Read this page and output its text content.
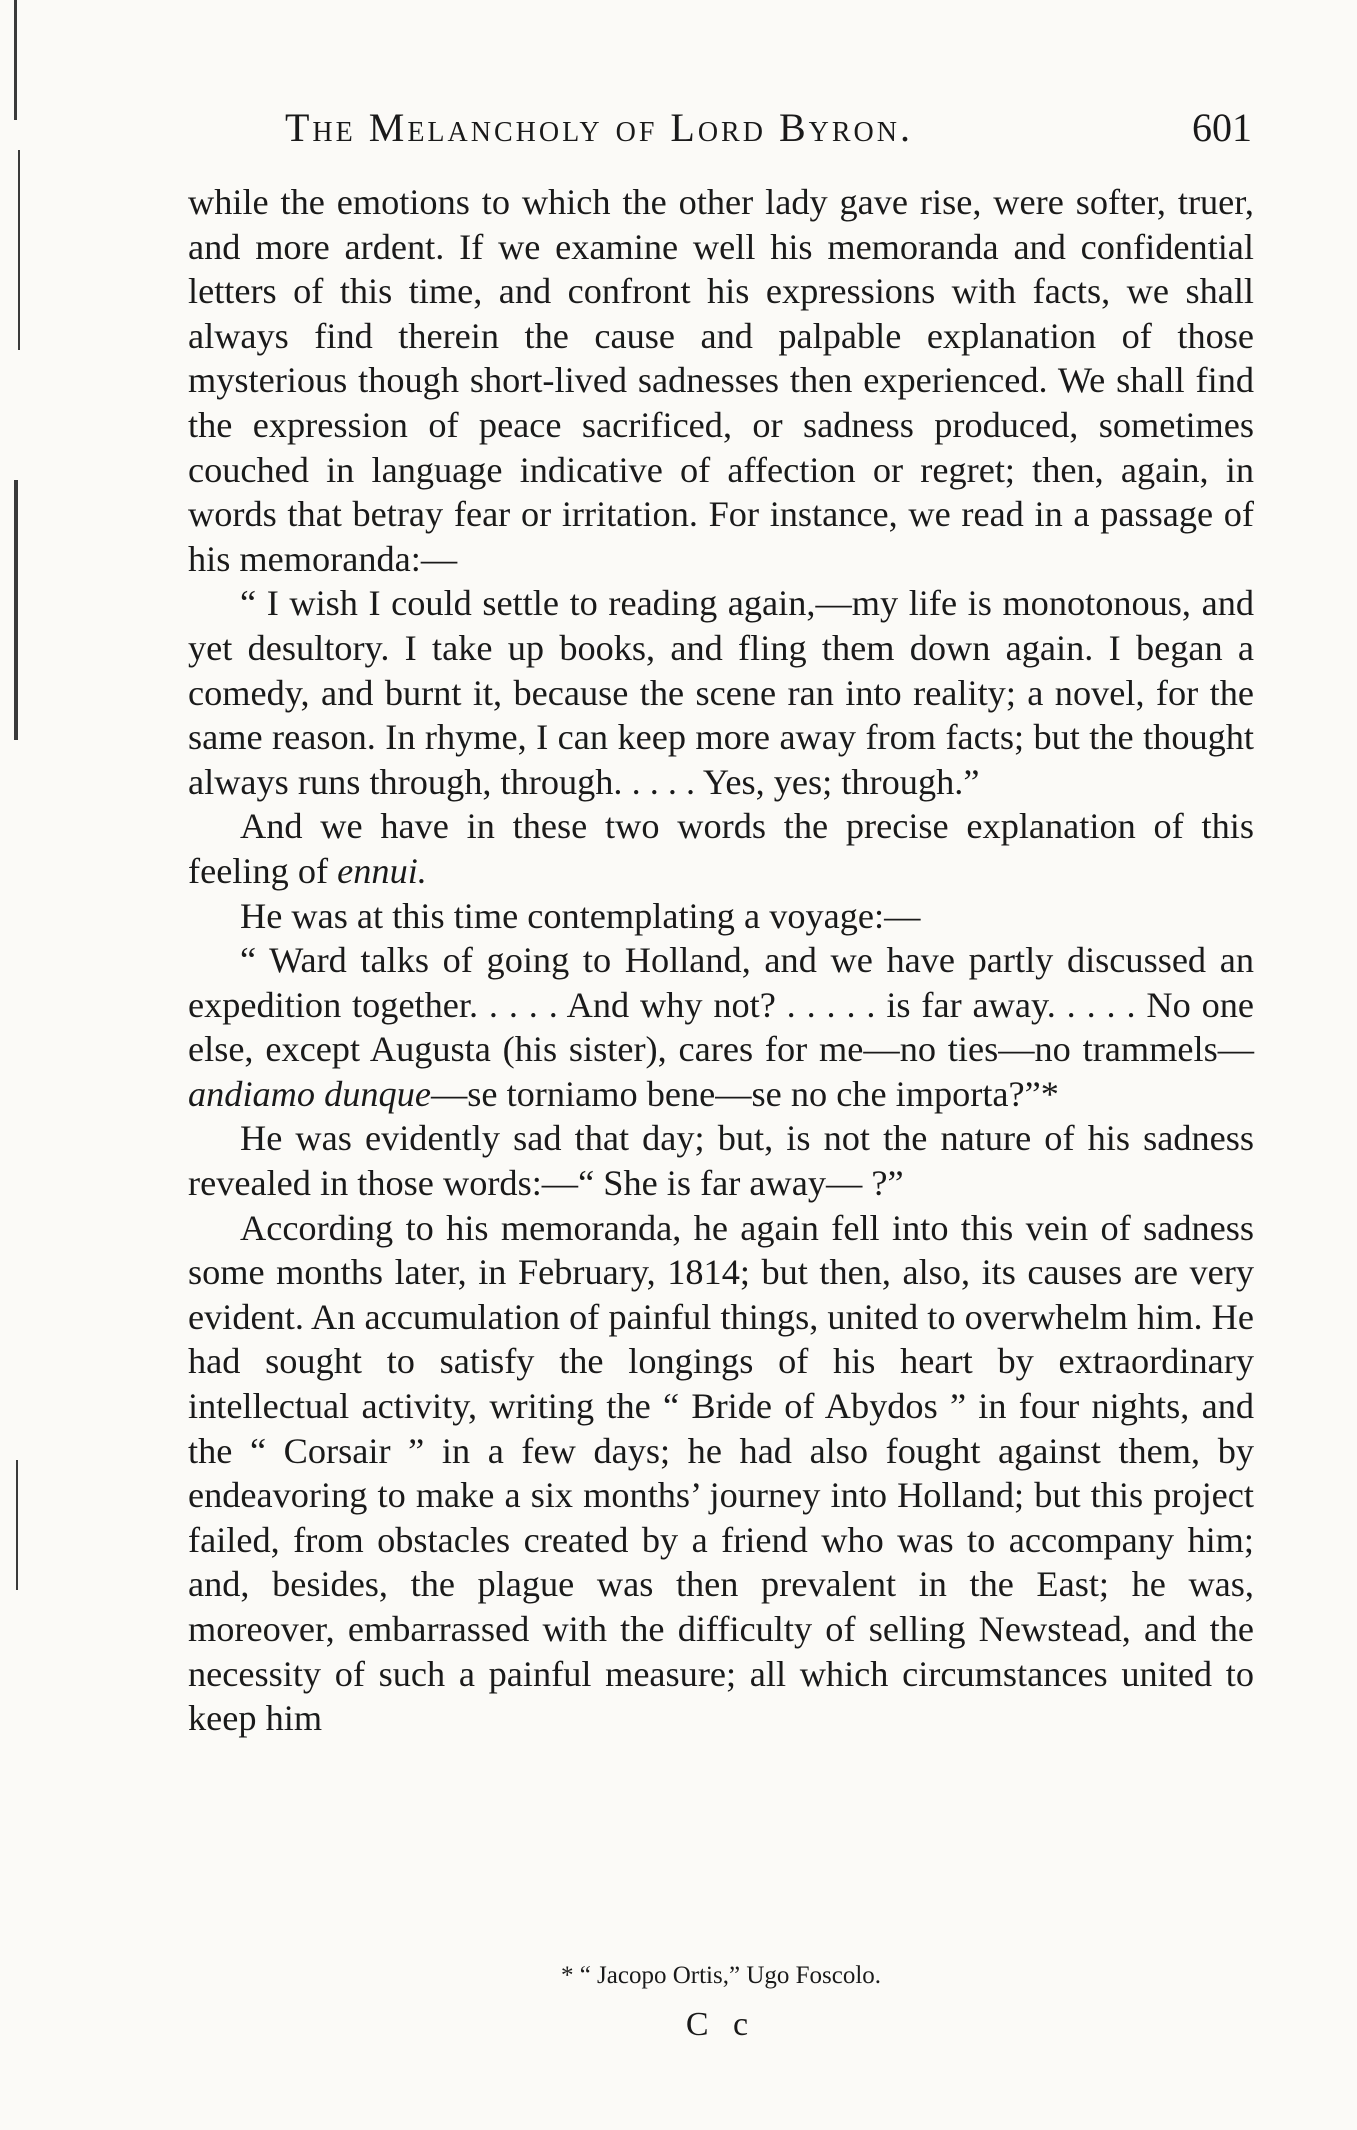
The Melancholy of Lord Byron.	601

while the emotions to which the other lady gave rise, were softer, truer, and more ardent. If we examine well his memoranda and confidential letters of this time, and confront his expressions with facts, we shall always find therein the cause and palpable explanation of those mysterious though short-lived sadnesses then experienced. We shall find the expression of peace sacrificed, or sadness produced, sometimes couched in language indicative of affection or regret; then, again, in words that betray fear or irritation. For instance, we read in a passage of his memoranda:—

“ I wish I could settle to reading again,—my life is monotonous, and yet desultory. I take up books, and fling them down again. I began a comedy, and burnt it, because the scene ran into reality; a novel, for the same reason. In rhyme, I can keep more away from facts; but the thought always runs through, through. . . . . Yes, yes; through.”

And we have in these two words the precise explanation of this feeling of ennui.

He was at this time contemplating a voyage:—

“ Ward talks of going to Holland, and we have partly discussed an expedition together. . . . . And why not? . . . . . is far away. . . . . No one else, except Augusta (his sister), cares for me—no ties—no trammels—andiamo dunque—se torniamo bene—se no che importa?”*

He was evidently sad that day; but, is not the nature of his sadness revealed in those words:—“ She is far away— ?”

According to his memoranda, he again fell into this vein of sadness some months later, in February, 1814; but then, also, its causes are very evident. An accumulation of painful things, united to overwhelm him. He had sought to satisfy the longings of his heart by extraordinary intellectual activity, writing the “ Bride of Abydos ” in four nights, and the “ Corsair ” in a few days; he had also fought against them, by endeavoring to make a six months’ journey into Holland; but this project failed, from obstacles created by a friend who was to accompany him; and, besides, the plague was then prevalent in the East; he was, moreover, embarrassed with the difficulty of selling Newstead, and the necessity of such a painful measure; all which circumstances united to keep him

* “ Jacopo Ortis,” Ugo Foscolo.
C c
